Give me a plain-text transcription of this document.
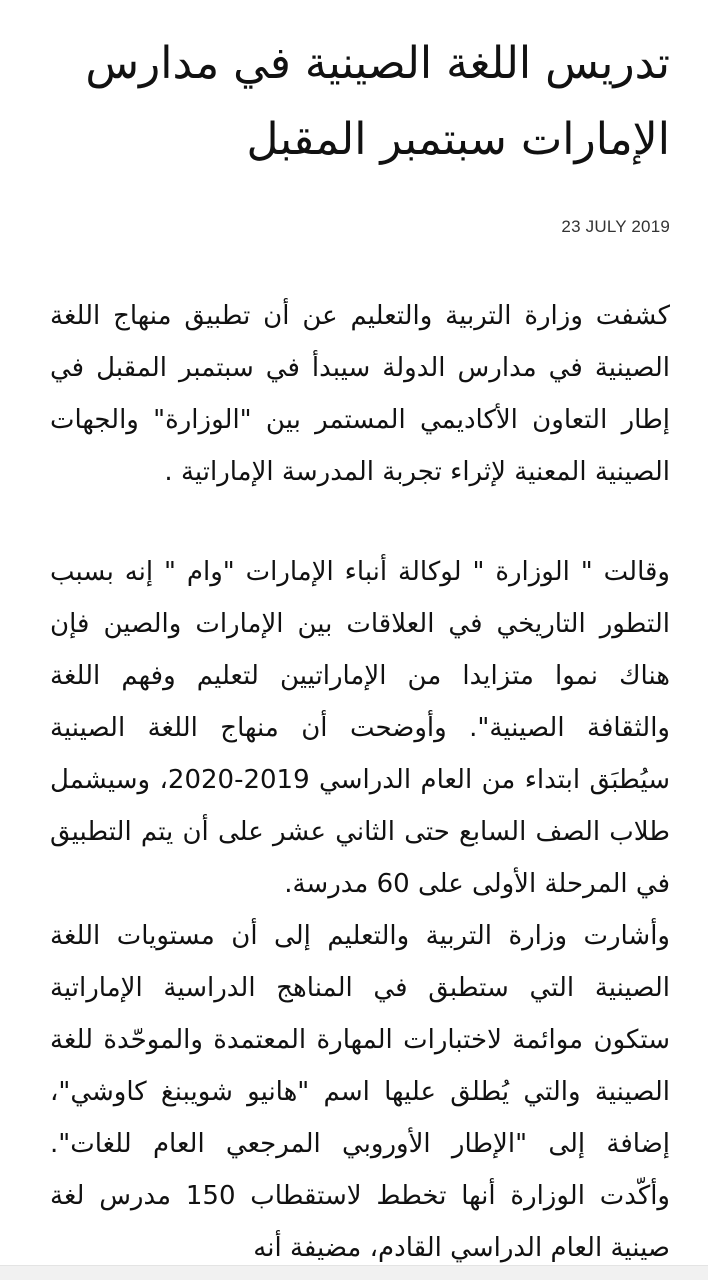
تدريس اللغة الصينية في مدارس الإمارات سبتمبر المقبل
23 JULY 2019

كشفت وزارة التربية والتعليم عن أن تطبيق منهاج اللغة الصينية في مدارس الدولة سيبدأ في سبتمبر المقبل في إطار التعاون الأكاديمي المستمر بين "الوزارة" والجهات الصينية المعنية لإثراء تجربة المدرسة الإماراتية .

وقالت " الوزارة " لوكالة أنباء الإمارات "وام " إنه بسبب التطور التاريخي في العلاقات بين الإمارات والصين فإن هناك نموا متزايدا من الإماراتيين لتعليم وفهم اللغة والثقافة الصينية". وأوضحت أن منهاج اللغة الصينية سيُطبَق ابتداء من العام الدراسي 2019-2020، وسيشمل طلاب الصف السابع حتى الثاني عشر على أن يتم التطبيق في المرحلة الأولى على 60 مدرسة.

وأشارت وزارة التربية والتعليم إلى أن مستويات اللغة الصينية التي ستطبق في المناهج الدراسية الإماراتية ستكون موائمة لاختبارات المهارة المعتمدة والموحّدة للغة الصينية والتي يُطلق عليها اسم "هانيو شويبنغ كاوشي"، إضافة إلى "الإطار الأوروبي المرجعي العام للغات". وأكّدت الوزارة أنها تخطط لاستقطاب 150 مدرس لغة صينية العام الدراسي القادم، مضيفة أنه
